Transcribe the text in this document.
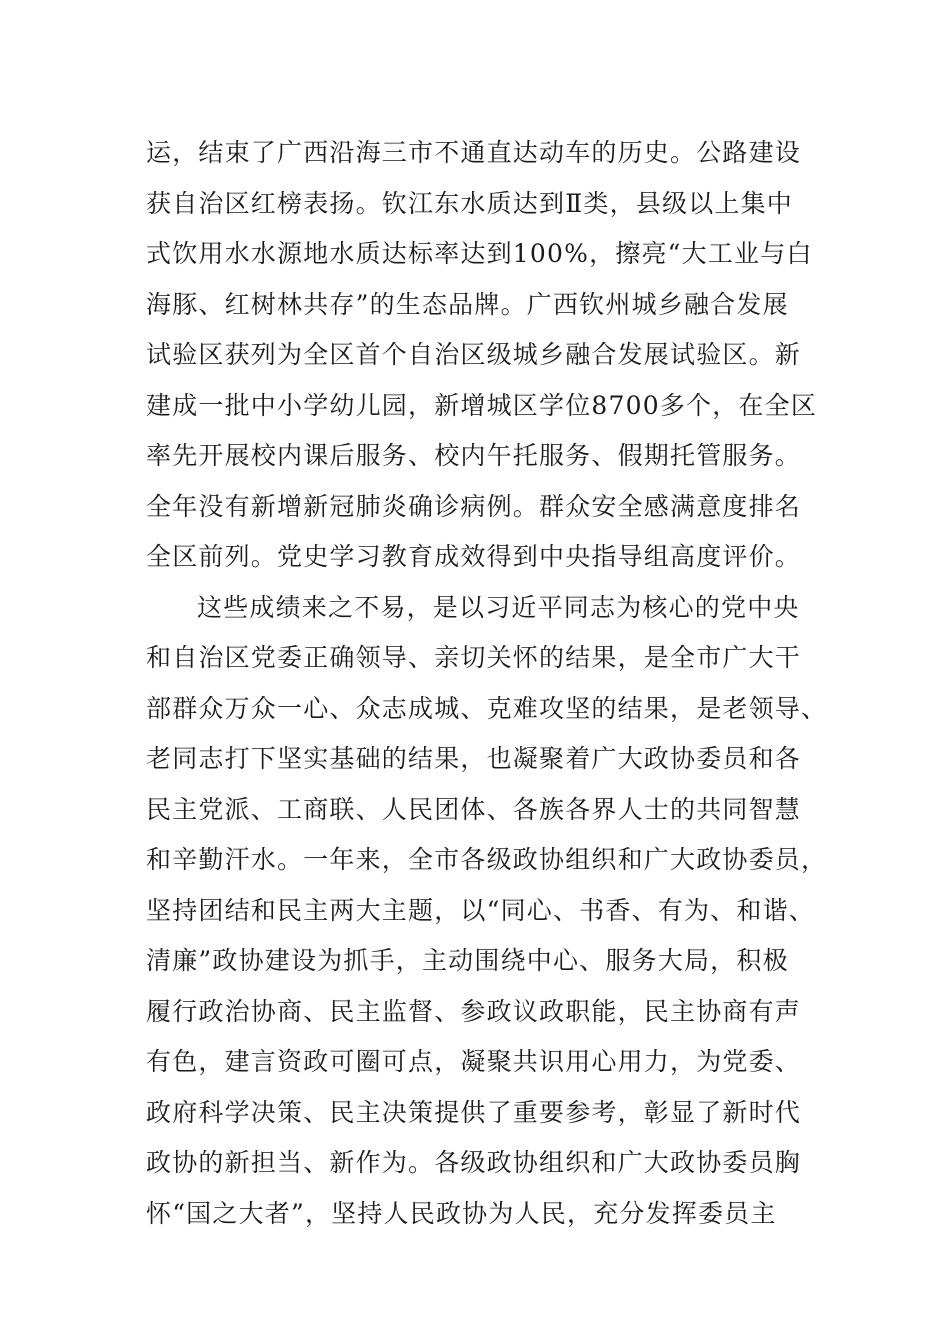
运，结束了广西沿海三市不通直达动车的历史。公路建设
获自治区红榜表扬。钦江东水质达到Ⅱ类，县级以上集中
式饮用水水源地水质达标率达到100%，擦亮“大工业与白
海豚、红树林共存”的生态品牌。广西钦州城乡融合发展
试验区获列为全区首个自治区级城乡融合发展试验区。新
建成一批中小学幼儿园，新增城区学位8700多个，在全区
率先开展校内课后服务、校内午托服务、假期托管服务。
全年没有新增新冠肺炎确诊病例。群众安全感满意度排名
全区前列。党史学习教育成效得到中央指导组高度评价。
这些成绩来之不易，是以习近平同志为核心的党中央
和自治区党委正确领导、亲切关怀的结果，是全市广大干
部群众万众一心、众志成城、克难攻坚的结果，是老领导、
老同志打下坚实基础的结果，也凝聚着广大政协委员和各
民主党派、工商联、人民团体、各族各界人士的共同智慧
和辛勤汗水。一年来，全市各级政协组织和广大政协委员，
坚持团结和民主两大主题，以“同心、书香、有为、和谐、
清廉”政协建设为抓手，主动围绕中心、服务大局，积极
履行政治协商、民主监督、参政议政职能，民主协商有声
有色，建言资政可圈可点，凝聚共识用心用力，为党委、
政府科学决策、民主决策提供了重要参考，彰显了新时代
政协的新担当、新作为。各级政协组织和广大政协委员胸
怀“国之大者”，坚持人民政协为人民，充分发挥委员主
